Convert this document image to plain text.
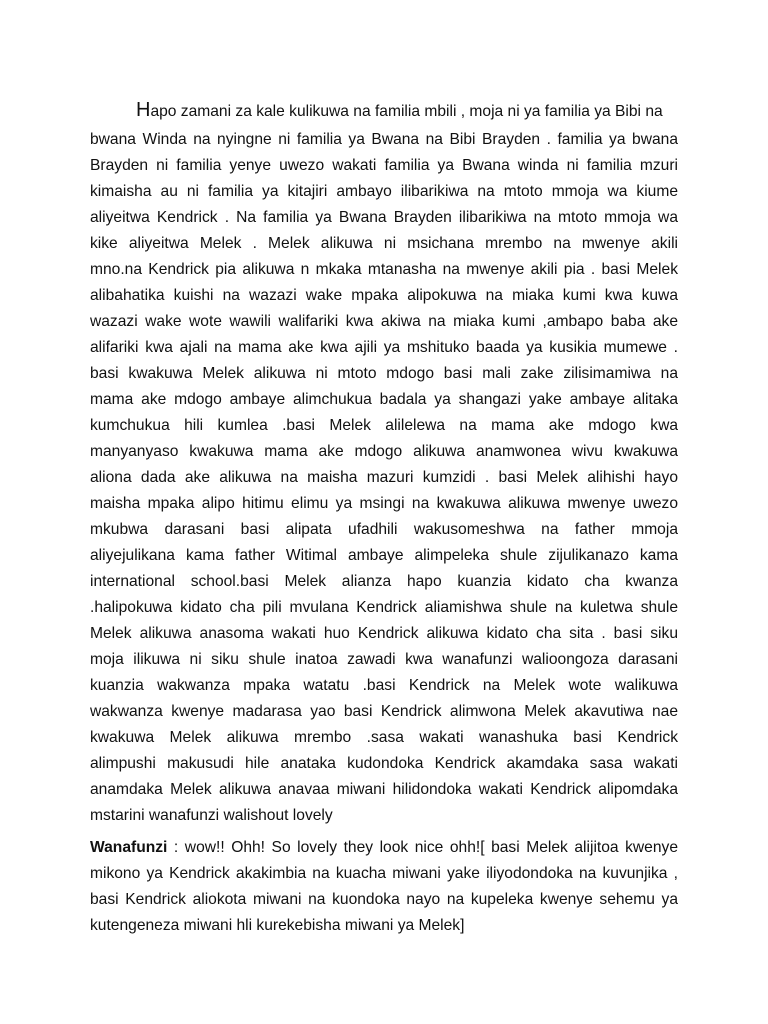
Hapo zamani za kale kulikuwa na familia mbili , moja ni ya familia ya Bibi na
bwana Winda na nyingne ni familia ya Bwana na Bibi Brayden . familia ya bwana
Brayden ni familia yenye uwezo wakati familia ya Bwana winda ni familia mzuri
kimaisha au ni familia ya kitajiri ambayo ilibarikiwa na mtoto mmoja wa kiume
aliyeitwa Kendrick . Na familia ya Bwana Brayden ilibarikiwa na mtoto mmoja wa
kike aliyeitwa Melek . Melek alikuwa ni msichana mrembo na mwenye akili
mno.na Kendrick pia alikuwa n mkaka mtanasha na mwenye akili pia . basi Melek
alibahatika kuishi na wazazi wake mpaka alipokuwa na miaka kumi kwa kuwa
wazazi wake wote wawili walifariki kwa akiwa na miaka kumi ,ambapo baba ake
alifariki kwa ajali na mama ake kwa ajili ya mshituko baada ya kusikia mumewe .
basi kwakuwa Melek alikuwa ni mtoto mdogo basi mali zake zilisimamiwa na
mama ake mdogo ambaye alimchukua badala ya shangazi yake ambaye alitaka
kumchukua hili kumlea .basi Melek alilelewa na mama ake mdogo kwa
manyanyaso kwakuwa mama ake mdogo alikuwa anamwonea wivu kwakuwa
aliona dada ake alikuwa na maisha mazuri kumzidi . basi Melek alihishi hayo
maisha mpaka alipo hitimu elimu ya msingi na kwakuwa alikuwa mwenye uwezo
mkubwa darasani basi alipata ufadhili wakusomeshwa na father mmoja
aliyejulikana kama father Witimal ambaye alimpeleka shule zijulikanazo kama
international school.basi Melek alianza hapo kuanzia kidato cha kwanza
.halipokuwa kidato cha pili mvulana Kendrick aliamishwa shule na kuletwa shule
Melek alikuwa anasoma wakati huo Kendrick alikuwa kidato cha sita . basi siku
moja ilikuwa ni siku shule inatoa zawadi kwa wanafunzi walioongoza darasani
kuanzia wakwanza mpaka watatu .basi Kendrick na Melek wote walikuwa
wakwanza kwenye madarasa yao basi Kendrick alimwona Melek akavutiwa nae
kwakuwa Melek alikuwa mrembo .sasa wakati wanashuka basi Kendrick
alimpushi makusudi hile anataka kudondoka Kendrick akamdaka sasa wakati
anamdaka Melek alikuwa anavaa miwani hilidondoka wakati Kendrick alipomdaka
mstarini wanafunzi walishout lovely
Wanafunzi : wow!! Ohh! So lovely they look nice ohh![ basi Melek alijitoa kwenye
mikono ya Kendrick akakimbia na kuacha miwani yake iliyodondoka na kuvunjika ,
basi Kendrick aliokota miwani na kuondoka nayo na kupeleka kwenye sehemu ya
kutengeneza miwani hli kurekebisha miwani ya Melek]
